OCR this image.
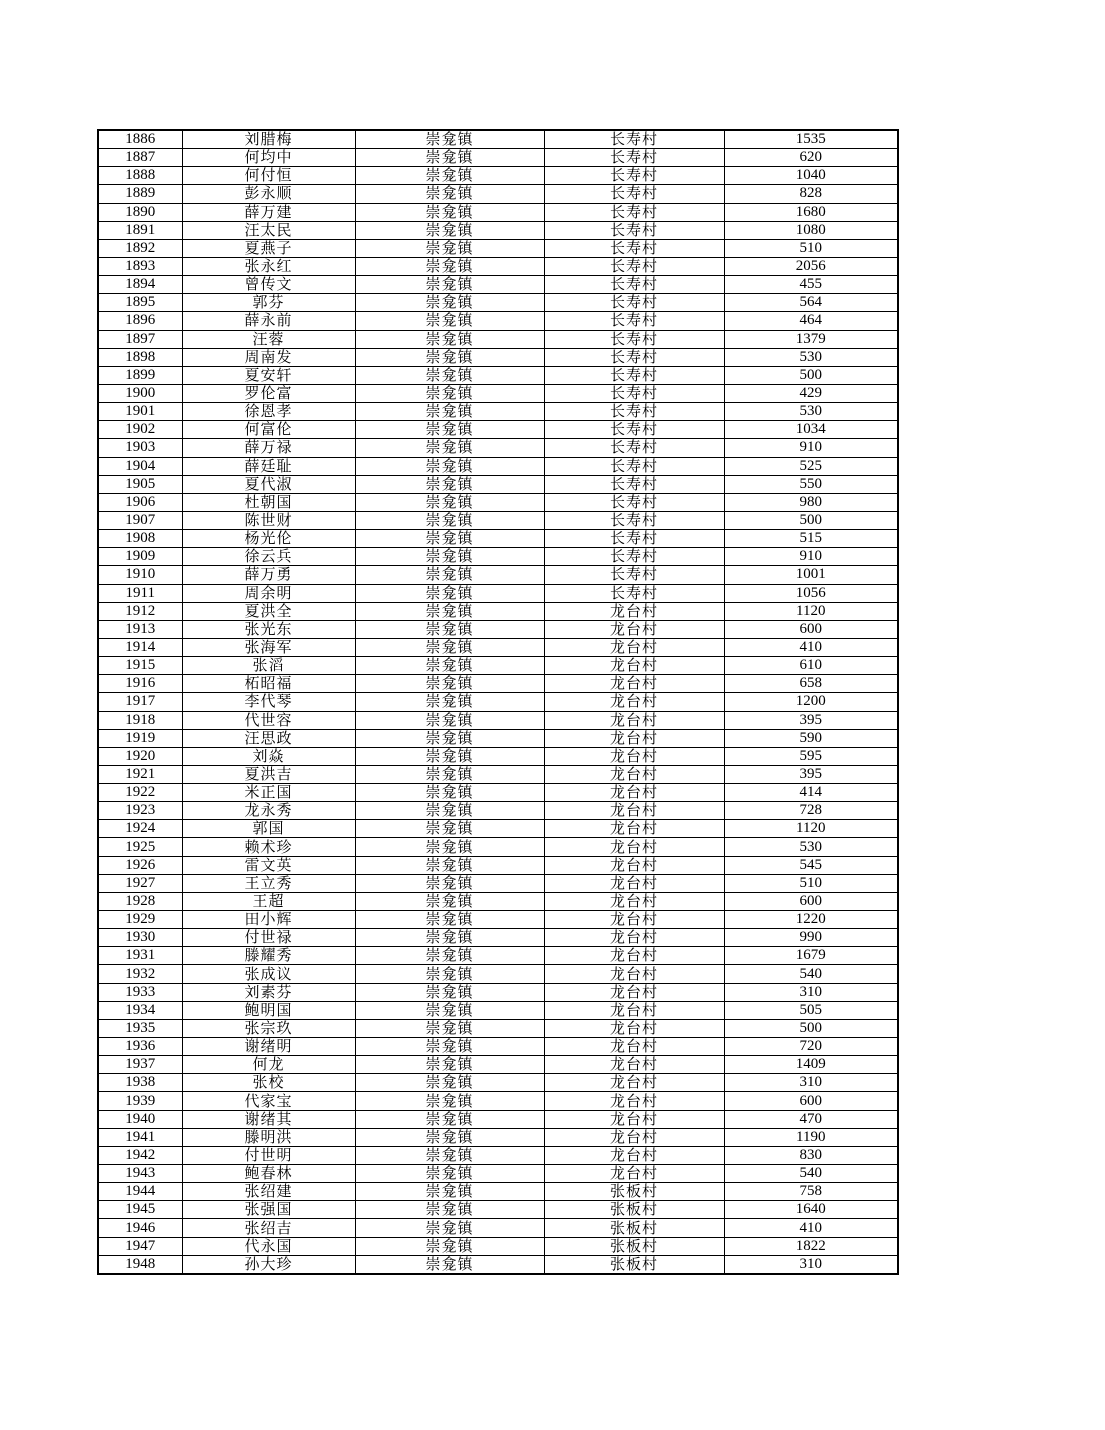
1886	刘腊梅	崇龛镇	长寿村	1535
1887	何均中	崇龛镇	长寿村	620
1888	何付恒	崇龛镇	长寿村	1040
1889	彭永顺	崇龛镇	长寿村	828
1890	薛万建	崇龛镇	长寿村	1680
1891	汪太民	崇龛镇	长寿村	1080
1892	夏燕子	崇龛镇	长寿村	510
1893	张永红	崇龛镇	长寿村	2056
1894	曾传文	崇龛镇	长寿村	455
1895	郭芬	崇龛镇	长寿村	564
1896	薛永前	崇龛镇	长寿村	464
1897	汪蓉	崇龛镇	长寿村	1379
1898	周南发	崇龛镇	长寿村	530
1899	夏安轩	崇龛镇	长寿村	500
1900	罗伦富	崇龛镇	长寿村	429
1901	徐恩孝	崇龛镇	长寿村	530
1902	何富伦	崇龛镇	长寿村	1034
1903	薛万禄	崇龛镇	长寿村	910
1904	薛廷耻	崇龛镇	长寿村	525
1905	夏代淑	崇龛镇	长寿村	550
1906	杜朝国	崇龛镇	长寿村	980
1907	陈世财	崇龛镇	长寿村	500
1908	杨光伦	崇龛镇	长寿村	515
1909	徐云兵	崇龛镇	长寿村	910
1910	薛万勇	崇龛镇	长寿村	1001
1911	周余明	崇龛镇	长寿村	1056
1912	夏洪全	崇龛镇	龙台村	1120
1913	张光东	崇龛镇	龙台村	600
1914	张海军	崇龛镇	龙台村	410
1915	张滔	崇龛镇	龙台村	610
1916	柘昭福	崇龛镇	龙台村	658
1917	李代琴	崇龛镇	龙台村	1200
1918	代世容	崇龛镇	龙台村	395
1919	汪思政	崇龛镇	龙台村	590
1920	刘焱	崇龛镇	龙台村	595
1921	夏洪吉	崇龛镇	龙台村	395
1922	米正国	崇龛镇	龙台村	414
1923	龙永秀	崇龛镇	龙台村	728
1924	郭国	崇龛镇	龙台村	1120
1925	赖术珍	崇龛镇	龙台村	530
1926	雷文英	崇龛镇	龙台村	545
1927	王立秀	崇龛镇	龙台村	510
1928	王超	崇龛镇	龙台村	600
1929	田小辉	崇龛镇	龙台村	1220
1930	付世禄	崇龛镇	龙台村	990
1931	滕耀秀	崇龛镇	龙台村	1679
1932	张成议	崇龛镇	龙台村	540
1933	刘素芬	崇龛镇	龙台村	310
1934	鲍明国	崇龛镇	龙台村	505
1935	张宗玖	崇龛镇	龙台村	500
1936	谢绪明	崇龛镇	龙台村	720
1937	何龙	崇龛镇	龙台村	1409
1938	张校	崇龛镇	龙台村	310
1939	代家宝	崇龛镇	龙台村	600
1940	谢绪其	崇龛镇	龙台村	470
1941	滕明洪	崇龛镇	龙台村	1190
1942	付世明	崇龛镇	龙台村	830
1943	鲍春林	崇龛镇	龙台村	540
1944	张绍建	崇龛镇	张板村	758
1945	张强国	崇龛镇	张板村	1640
1946	张绍吉	崇龛镇	张板村	410
1947	代永国	崇龛镇	张板村	1822
1948	孙大珍	崇龛镇	张板村	310
